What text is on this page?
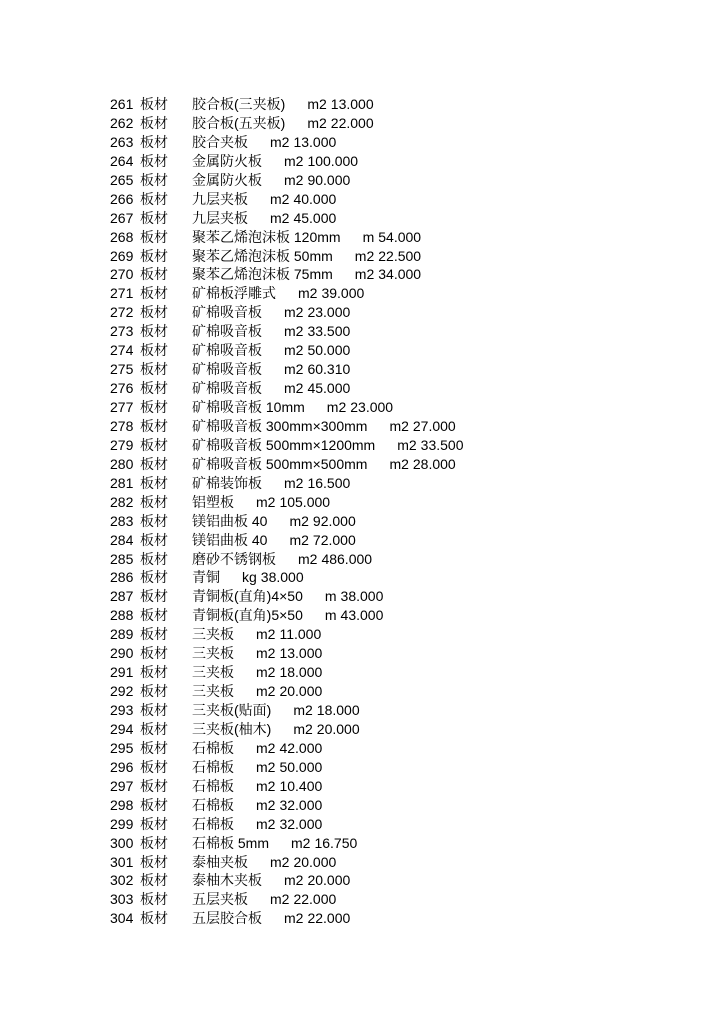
261 板材	胶合板(三夹板) m2 13.000
262 板材	胶合板(五夹板) m2 22.000
263 板材	胶合夹板 m2 13.000
264 板材	金属防火板 m2 100.000
265 板材	金属防火板 m2 90.000
266 板材	九层夹板 m2 40.000
267 板材	九层夹板 m2 45.000
268 板材	聚苯乙烯泡沫板 120mm m 54.000
269 板材	聚苯乙烯泡沫板 50mm m2 22.500
270 板材	聚苯乙烯泡沫板 75mm m2 34.000
271 板材	矿棉板浮雕式 m2 39.000
272 板材	矿棉吸音板 m2 23.000
273 板材	矿棉吸音板 m2 33.500
274 板材	矿棉吸音板 m2 50.000
275 板材	矿棉吸音板 m2 60.310
276 板材	矿棉吸音板 m2 45.000
277 板材	矿棉吸音板 10mm m2 23.000
278 板材	矿棉吸音板 300mm×300mm m2 27.000
279 板材	矿棉吸音板 500mm×1200mm m2 33.500
280 板材	矿棉吸音板 500mm×500mm m2 28.000
281 板材	矿棉装饰板 m2 16.500
282 板材	铝塑板 m2 105.000
283 板材	镁铝曲板 40 m2 92.000
284 板材	镁铝曲板 40 m2 72.000
285 板材	磨砂不锈钢板 m2 486.000
286 板材	青铜 kg 38.000
287 板材	青铜板(直角)4×50 m 38.000
288 板材	青铜板(直角)5×50 m 43.000
289 板材	三夹板 m2 11.000
290 板材	三夹板 m2 13.000
291 板材	三夹板 m2 18.000
292 板材	三夹板 m2 20.000
293 板材	三夹板(贴面) m2 18.000
294 板材	三夹板(柚木) m2 20.000
295 板材	石棉板 m2 42.000
296 板材	石棉板 m2 50.000
297 板材	石棉板 m2 10.400
298 板材	石棉板 m2 32.000
299 板材	石棉板 m2 32.000
300 板材	石棉板 5mm m2 16.750
301 板材	泰柚夹板 m2 20.000
302 板材	泰柚木夹板 m2 20.000
303 板材	五层夹板 m2 22.000
304 板材	五层胶合板 m2 22.000
